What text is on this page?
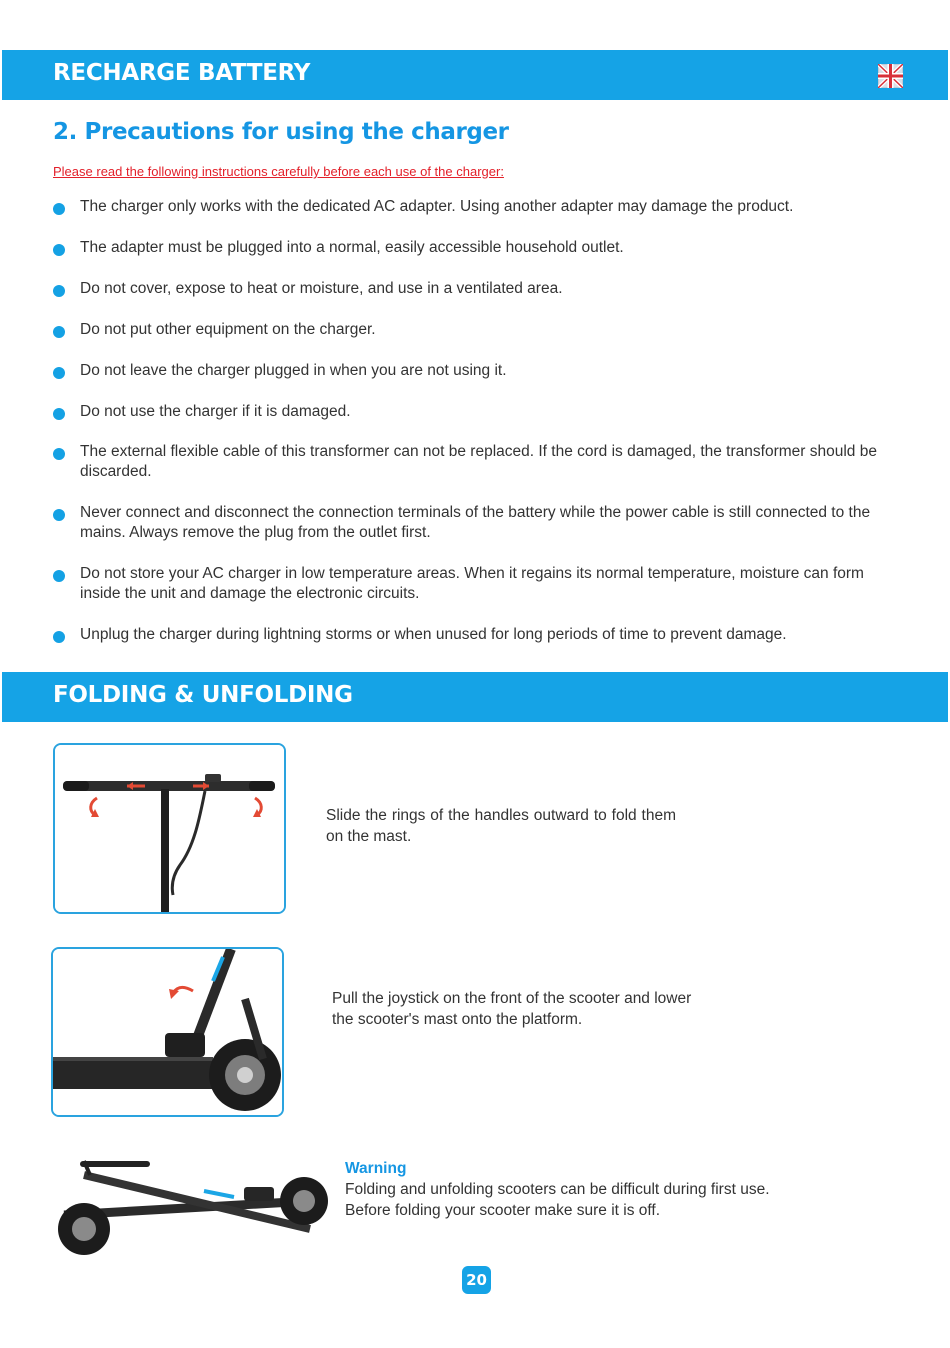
RECHARGE BATTERY
2. Precautions for using the charger

Please read the following instructions carefully before each use of the charger:

The charger only works with the dedicated AC adapter. Using another adapter may damage the product.
The adapter must be plugged into a normal, easily accessible household outlet.
Do not cover, expose to heat or moisture, and use in a ventilated area.
Do not put other equipment on the charger.
Do not leave the charger plugged in when you are not using it.
Do not use the charger if it is damaged.
The external flexible cable of this transformer can not be replaced. If the cord is damaged, the transformer should be discarded.
Never connect and disconnect the connection terminals of the battery while the power cable is still connected to the mains. Always remove the plug from the outlet first.
Do not store your AC charger in low temperature areas. When it regains its normal temperature, moisture can form inside the unit and damage the electronic circuits.
Unplug the charger during lightning storms or when unused for long periods of time to prevent damage.
FOLDING & UNFOLDING

Slide the rings of the handles outward to fold them on the mast.

Pull the joystick on the front of the scooter and lower the scooter's mast onto the platform.

Warning
Folding and unfolding scooters can be difficult during first use. Before folding your scooter make sure it is off.

20
